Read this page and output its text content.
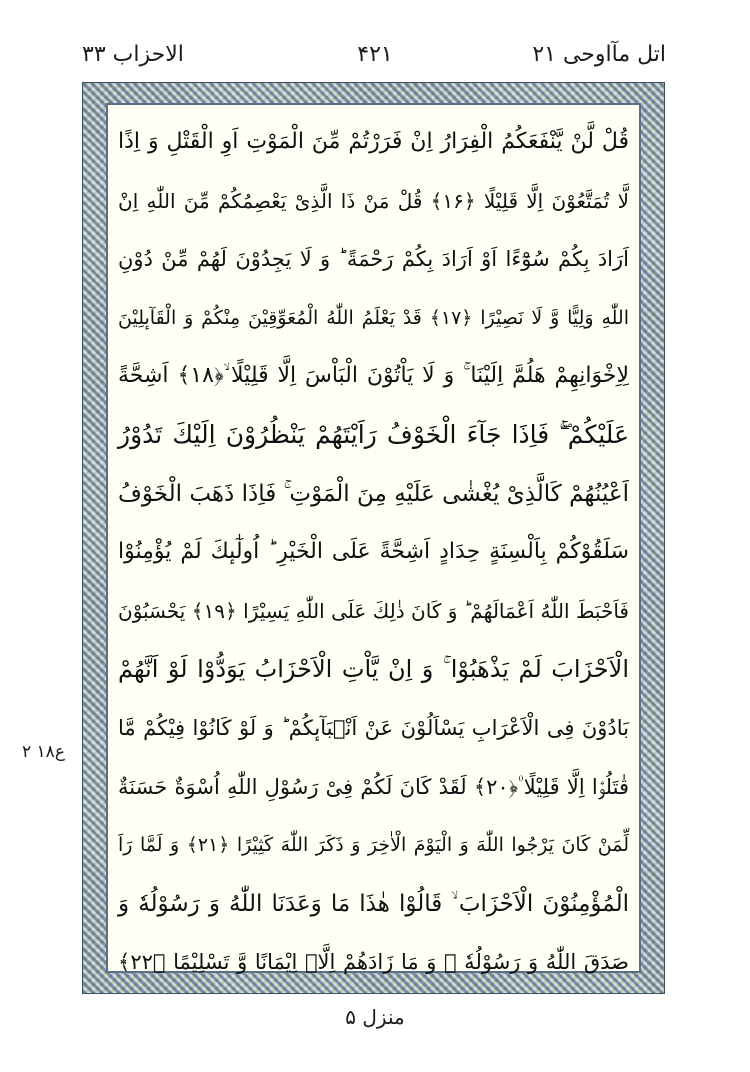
الاحزاب ۳۳	۴۲۱	اتل مآاوحی ۲۱
قُلْ لَّنْ یَّنْفَعَكُمُ الْفِرَارُ اِنْ فَرَرْتُمْ مِّنَ الْمَوْتِ اَوِ الْقَتْلِ وَ اِذًا
لَّا تُمَتَّعُوْنَ اِلَّا قَلِیْلًا ﴿۱۶﴾ قُلْ مَنْ ذَا الَّذِیْ یَعْصِمُكُمْ مِّنَ اللّٰهِ اِنْ
اَرَادَ بِكُمْ سُوْٓءًا اَوْ اَرَادَ بِكُمْ رَحْمَةً ؕ وَ لَا یَجِدُوْنَ لَهُمْ مِّنْ دُوْنِ
اللّٰهِ وَلِیًّا وَّ لَا نَصِیْرًا ﴿۱۷﴾ قَدْ یَعْلَمُ اللّٰهُ الْمُعَوِّقِیْنَ مِنْكُمْ وَ الْقَآىٕلِیْنَ
لِاِخْوَانِهِمْ هَلُمَّ اِلَیْنَا ۚ وَ لَا یَاْتُوْنَ الْبَاْسَ اِلَّا قَلِیْلًا ۙ﴿۱۸﴾ اَشِحَّةً
عَلَیْكُمْ ۖۚ فَاِذَا جَآءَ الْخَوْفُ رَاَیْتَهُمْ یَنْظُرُوْنَ اِلَیْكَ تَدُوْرُ
اَعْیُنُهُمْ كَالَّذِیْ یُغْشٰى عَلَیْهِ مِنَ الْمَوْتِ ۚ فَاِذَا ذَهَبَ الْخَوْفُ
سَلَقُوْكُمْ بِاَلْسِنَةٍ حِدَادٍ اَشِحَّةً عَلَى الْخَیْرِ ؕ اُولٰٓىٕكَ لَمْ یُؤْمِنُوْا
فَاَحْبَطَ اللّٰهُ اَعْمَالَهُمْ ؕ وَ كَانَ ذٰلِكَ عَلَى اللّٰهِ یَسِیْرًا ﴿۱۹﴾ یَحْسَبُوْنَ
الْاَحْزَابَ لَمْ یَذْهَبُوْا ۚ وَ اِنْ یَّاْتِ الْاَحْزَابُ یَوَدُّوْا لَوْ اَنَّهُمْ
بَادُوْنَ فِی الْاَعْرَابِ یَسْاَلُوْنَ عَنْ اَنْۢبَآىٕكُمْ ؕ وَ لَوْ كَانُوْا فِیْكُمْ مَّا
قٰتَلُوْۤا اِلَّا قَلِیْلًا ۠﴿۲۰﴾ لَقَدْ كَانَ لَكُمْ فِیْ رَسُوْلِ اللّٰهِ اُسْوَةٌ حَسَنَةٌ
لِّمَنْ كَانَ یَرْجُوا اللّٰهَ وَ الْیَوْمَ الْاٰخِرَ وَ ذَكَرَ اللّٰهَ كَثِیْرًا ﴿۲۱﴾ وَ لَمَّا رَاَ
الْمُؤْمِنُوْنَ الْاَحْزَابَ ۙ قَالُوْا هٰذَا مَا وَعَدَنَا اللّٰهُ وَ رَسُوْلُهٗ وَ
صَدَقَ اللّٰهُ وَ رَسُوْلُهٗ ؗ وَ مَا زَادَهُمْ اِلَّاۤ اِیْمَانًا وَّ تَسْلِیْمًا ﴿۲۲﴾
ع۱۸ ۲
منزل ۵
